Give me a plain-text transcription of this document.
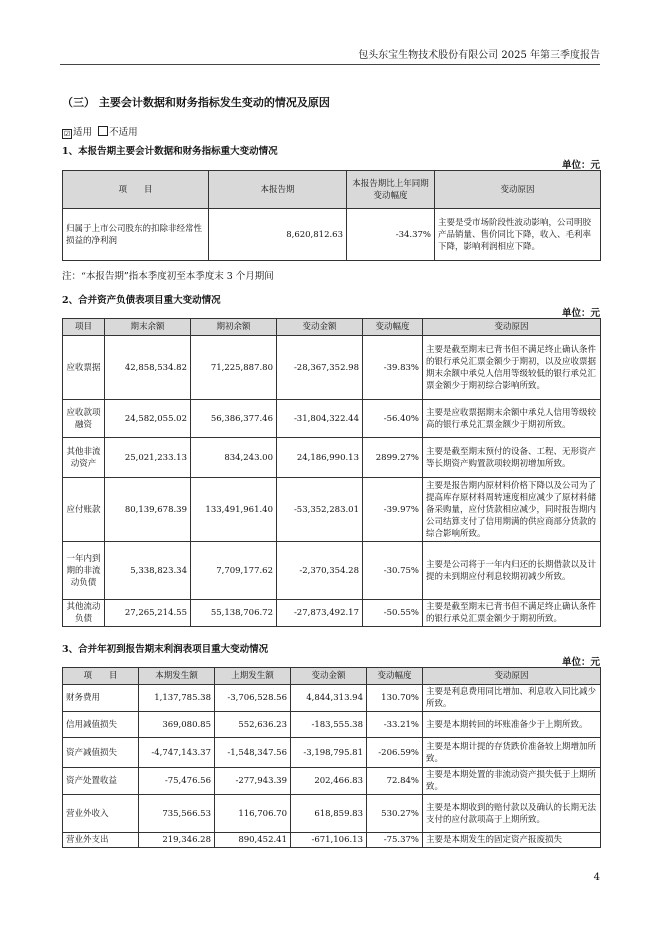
包头东宝生物技术股份有限公司 2025 年第三季度报告
（三） 主要会计数据和财务指标发生变动的情况及原因
☑ 适用 不适用
1、本报告期主要会计数据和财务指标重大变动情况
单位：元
项　　目	本报告期	本报告期比上年同期变动幅度	变动原因
归属于上市公司股东的扣除非经常性损益的净利润	8,620,812.63	-34.37%	主要是受市场阶段性波动影响，公司明胶产品销量、售价同比下降，收入、毛利率下降，影响利润相应下降。
注：“本报告期”指本季度初至本季度末 3 个月期间
2、合并资产负债表项目重大变动情况
单位：元
项目	期末余额	期初余额	变动金额	变动幅度	变动原因
应收票据	42,858,534.82	71,225,887.80	-28,367,352.98	-39.83%	主要是截至期末已背书但不满足终止确认条件的银行承兑汇票金额少于期初，以及应收票据期末余额中承兑人信用等级较低的银行承兑汇票金额少于期初综合影响所致。
应收款项融资	24,582,055.02	56,386,377.46	-31,804,322.44	-56.40%	主要是应收票据期末余额中承兑人信用等级较高的银行承兑汇票金额少于期初所致。
其他非流动资产	25,021,233.13	834,243.00	24,186,990.13	2899.27%	主要是截至期末预付的设备、工程、无形资产等长期资产购置款项较期初增加所致。
应付账款	80,139,678.39	133,491,961.40	-53,352,283.01	-39.97%	主要是报告期内原材料价格下降以及公司为了提高库存原材料周转速度相应减少了原材料储备采购量，应付货款相应减少，同时报告期内公司结算支付了信用期满的供应商部分货款的综合影响所致。
一年内到期的非流动负债	5,338,823.34	7,709,177.62	-2,370,354.28	-30.75%	主要是公司将于一年内归还的长期借款以及计提的未到期应付利息较期初减少所致。
其他流动负债	27,265,214.55	55,138,706.72	-27,873,492.17	-50.55%	主要是截至期末已背书但不满足终止确认条件的银行承兑汇票金额少于期初所致。
3、合并年初到报告期末利润表项目重大变动情况
单位：元
项　　目	本期发生额	上期发生额	变动金额	变动幅度	变动原因
财务费用	1,137,785.38	-3,706,528.56	4,844,313.94	130.70%	主要是利息费用同比增加、利息收入同比减少所致。
信用减值损失	369,080.85	552,636.23	-183,555.38	-33.21%	主要是本期转回的坏账准备少于上期所致。
资产减值损失	-4,747,143.37	-1,548,347.56	-3,198,795.81	-206.59%	主要是本期计提的存货跌价准备较上期增加所致。
资产处置收益	-75,476.56	-277,943.39	202,466.83	72.84%	主要是本期处置的非流动资产损失低于上期所致。
营业外收入	735,566.53	116,706.70	618,859.83	530.27%	主要是本期收到的赔付款以及确认的长期无法支付的应付款项高于上期所致。
营业外支出	219,346.28	890,452.41	-671,106.13	-75.37%	主要是本期发生的固定资产报废损失
4
